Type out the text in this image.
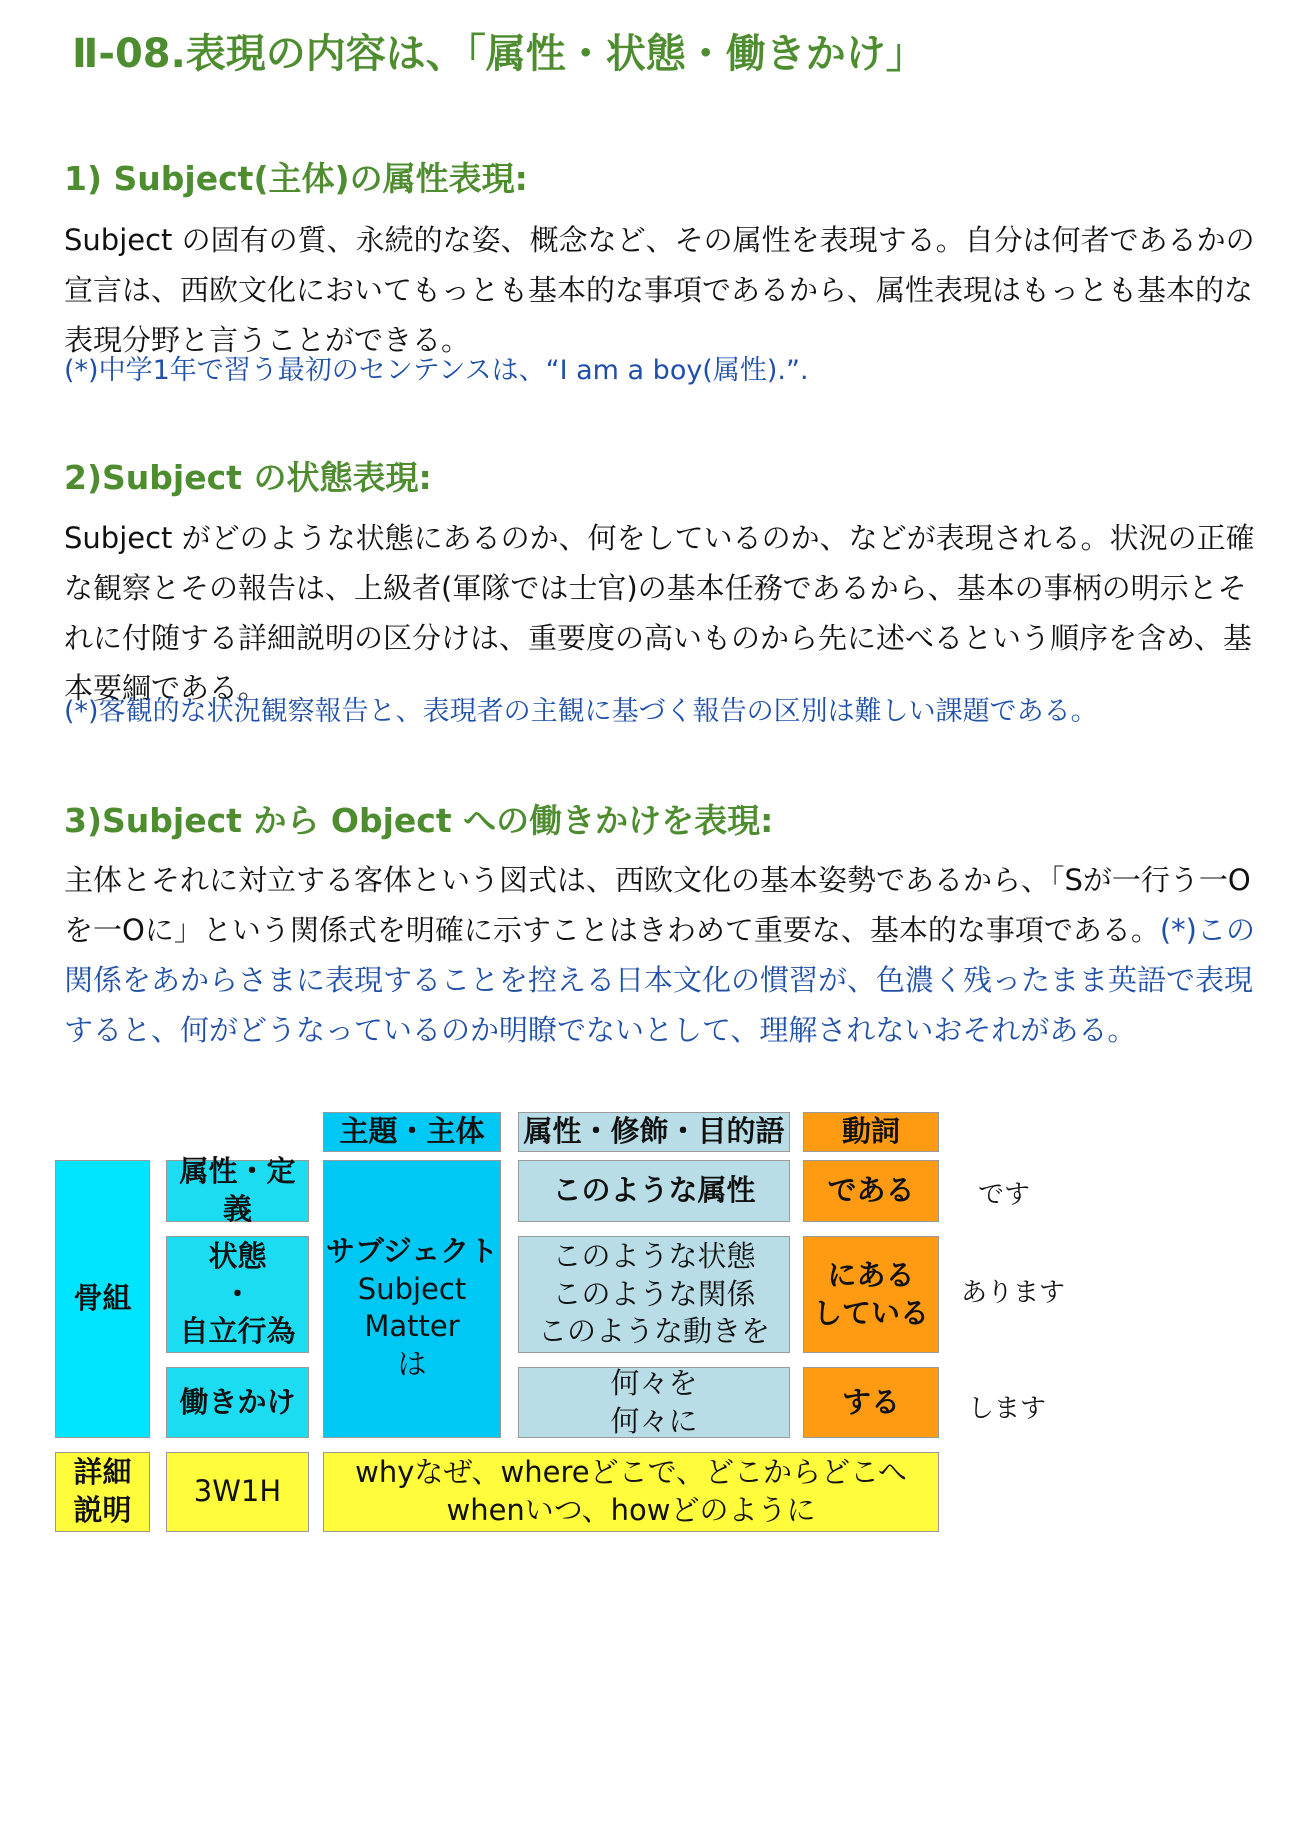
Ⅱ-08.表現の内容は、「属性・状態・働きかけ」
1) Subject(主体)の属性表現:
Subject の固有の質、永続的な姿、概念など、その属性を表現する。自分は何者であるかの宣言は、西欧文化においてもっとも基本的な事項であるから、属性表現はもっとも基本的な表現分野と言うことができる。
(*)中学1年で習う最初のセンテンスは、“I am a boy(属性).”.
2)Subject の状態表現:
Subject がどのような状態にあるのか、何をしているのか、などが表現される。状況の正確な観察とその報告は、上級者(軍隊では士官)の基本任務であるから、基本の事柄の明示とそれに付随する詳細説明の区分けは、重要度の高いものから先に述べるという順序を含め、基本要綱である。
(*)客観的な状況観察報告と、表現者の主観に基づく報告の区別は難しい課題である。
3)Subject から Object への働きかけを表現:
主体とそれに対立する客体という図式は、西欧文化の基本姿勢であるから、「Sが一行う一Oを一Oに」という関係式を明確に示すことはきわめて重要な、基本的な事項である。(*)この関係をあからさまに表現することを控える日本文化の慣習が、色濃く残ったまま英語で表現すると、何がどうなっているのか明瞭でないとして、理解されないおそれがある。
主題・主体	属性・修飾・目的語	動詞
骨組
属性・定義
状態
・
自立行為
働きかけ
サブジェクト
Subject
Matter
は
このような属性
このような状態
このような関係
このような動きを
何々を
何々に
である
にある
している
する
です
あります
します
詳細
説明
3W1H
whyなぜ、whereどこで、どこからどこへ
whenいつ、howどのように
